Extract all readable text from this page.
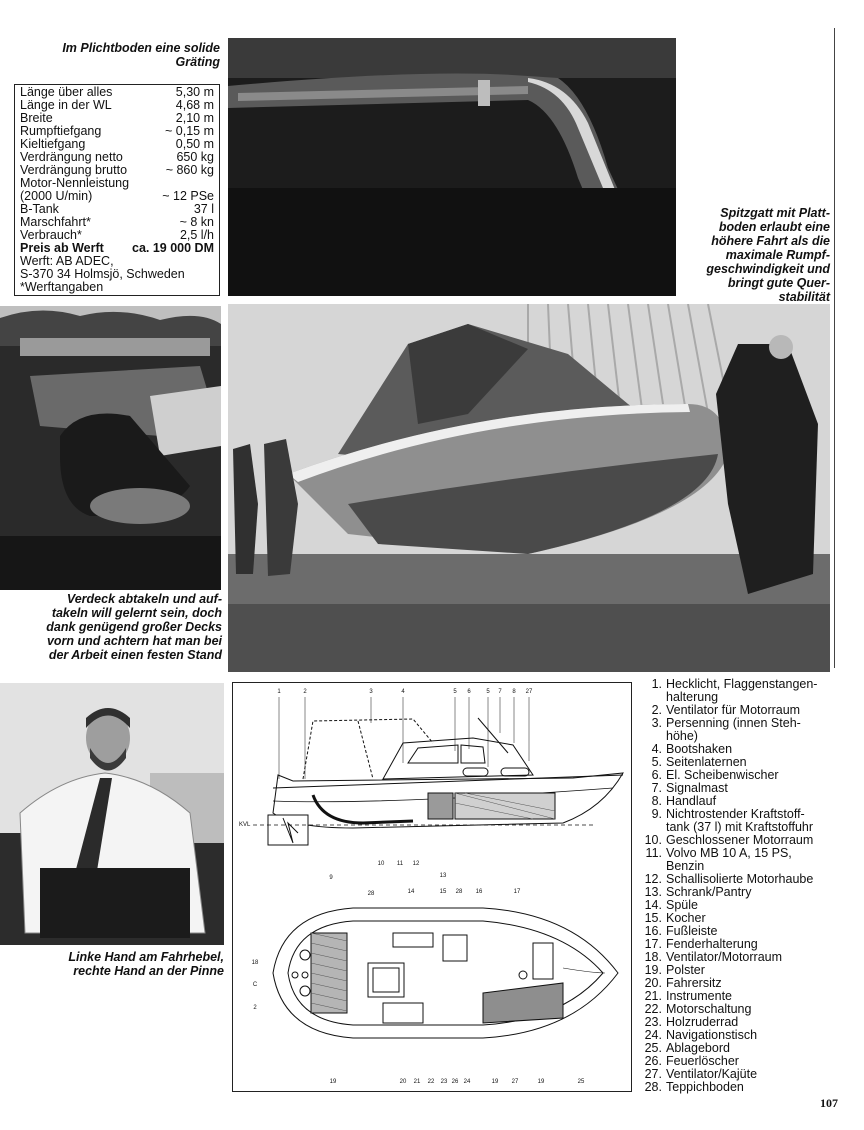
Im Plichtboden eine solide
Gräting
Länge über alles	5,30 m
Länge in der WL	4,68 m
Breite	2,10 m
Rumpftiefgang	~ 0,15 m
Kieltiefgang	0,50 m
Verdrängung netto	650 kg
Verdrängung brutto	~ 860 kg
Motor-Nennleistung
(2000 U/min)	~ 12 PSe
B-Tank	37 l
Marschfahrt*	~ 8 kn
Verbrauch*	2,5 l/h
Preis ab Werft ca. 19 000 DM
Werft: AB ADEC,
S-370 34 Holmsjö, Schweden
*Werftangaben
Spitzgatt mit Platt-
boden erlaubt eine
höhere Fahrt als die
maximale Rumpf-
geschwindigkeit und
bringt gute Quer-
stabilität
Verdeck abtakeln und auf-
takeln will gelernt sein, doch
dank genügend großer Decks
vorn und achtern hat man bei
der Arbeit einen festen Stand
Linke Hand am Fahrhebel,
rechte Hand an der Pinne
1	2	3	4	5 6	5 7 8 27
9
10 11 12
13
28	14	15 28 16	17
18
C
2
19	20 21 22 23 26 24	19 27	19	25
KVL
1. Hecklicht, Flaggenstangen-
halterung
2. Ventilator für Motorraum
3. Persenning (innen Steh-
höhe)
4. Bootshaken
5. Seitenlaternen
6. El. Scheibenwischer
7. Signalmast
8. Handlauf
9. Nichtrostender Kraftstoff-
tank (37 l) mit Kraftstoffuhr
10. Geschlossener Motorraum
11. Volvo MB 10 A, 15 PS,
Benzin
12. Schallisolierte Motorhaube
13. Schrank/Pantry
14. Spüle
15. Kocher
16. Fußleiste
17. Fenderhalterung
18. Ventilator/Motorraum
19. Polster
20. Fahrersitz
21. Instrumente
22. Motorschaltung
23. Holzruderrad
24. Navigationstisch
25. Ablagebord
26. Feuerlöscher
27. Ventilator/Kajüte
28. Teppichboden
107
